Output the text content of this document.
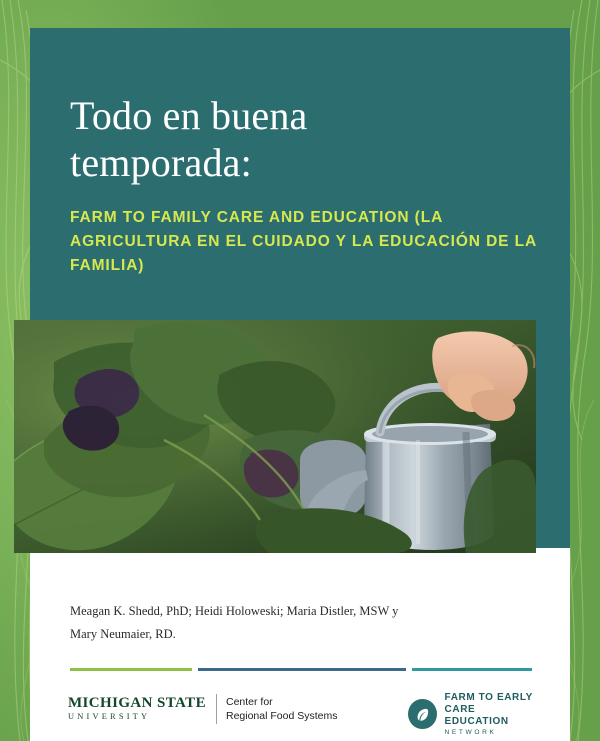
Todo en buena
temporada:

FARM TO FAMILY CARE AND EDUCATION (LA AGRICULTURA EN EL CUIDADO Y LA EDUCACIÓN DE LA FAMILIA)

Meagan K. Shedd, PhD; Heidi Holoweski; Maria Distler, MSW y
Mary Neumaier, RD.
MICHIGAN STATE
UNIVERSITY
Center for
Regional Food Systems
FARM TO EARLY
CARE EDUCATION
NETWORK
